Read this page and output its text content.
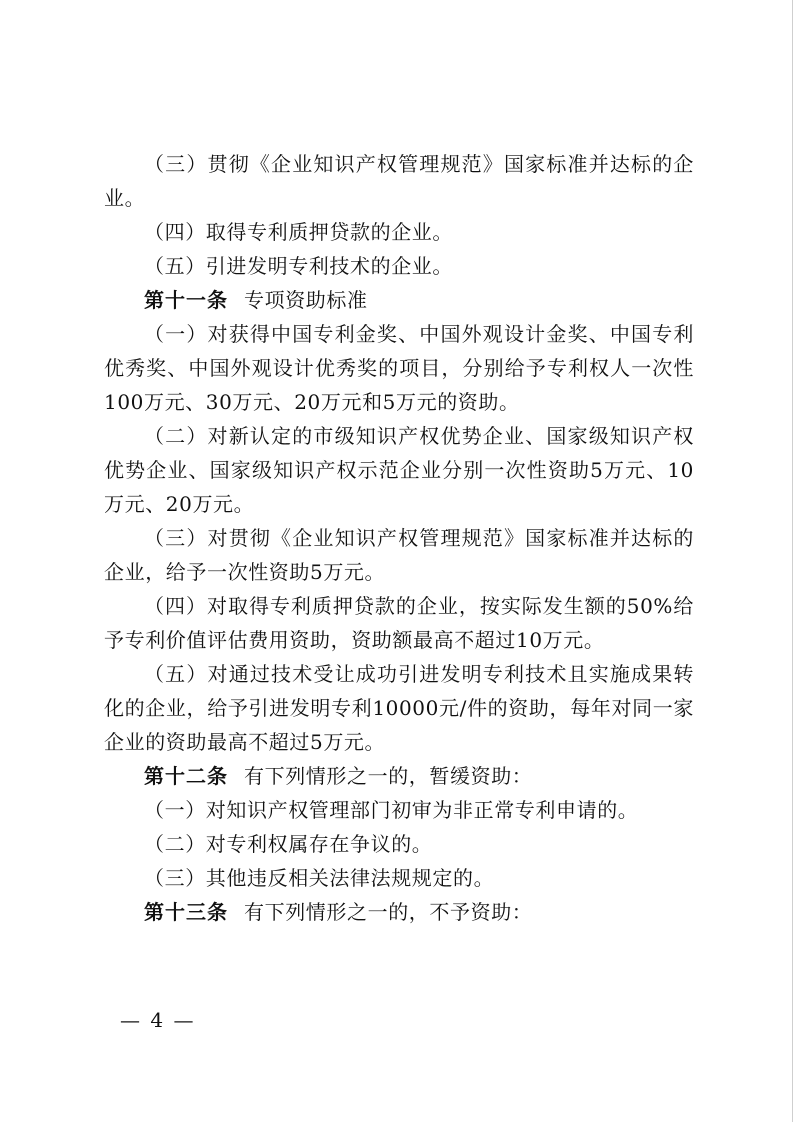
（三）贯彻《企业知识产权管理规范》国家标准并达标的企业。

（四）取得专利质押贷款的企业。

（五）引进发明专利技术的企业。

第十一条 专项资助标准

（一）对获得中国专利金奖、中国外观设计金奖、中国专利优秀奖、中国外观设计优秀奖的项目，分别给予专利权人一次性100万元、30万元、20万元和5万元的资助。

（二）对新认定的市级知识产权优势企业、国家级知识产权优势企业、国家级知识产权示范企业分别一次性资助5万元、10万元、20万元。

（三）对贯彻《企业知识产权管理规范》国家标准并达标的企业，给予一次性资助5万元。

（四）对取得专利质押贷款的企业，按实际发生额的50%给予专利价值评估费用资助，资助额最高不超过10万元。

（五）对通过技术受让成功引进发明专利技术且实施成果转化的企业，给予引进发明专利10000元/件的资助，每年对同一家企业的资助最高不超过5万元。

第十二条 有下列情形之一的，暂缓资助：

（一）对知识产权管理部门初审为非正常专利申请的。

（二）对专利权属存在争议的。

（三）其他违反相关法律法规规定的。

第十三条 有下列情形之一的，不予资助：

— 4 —
